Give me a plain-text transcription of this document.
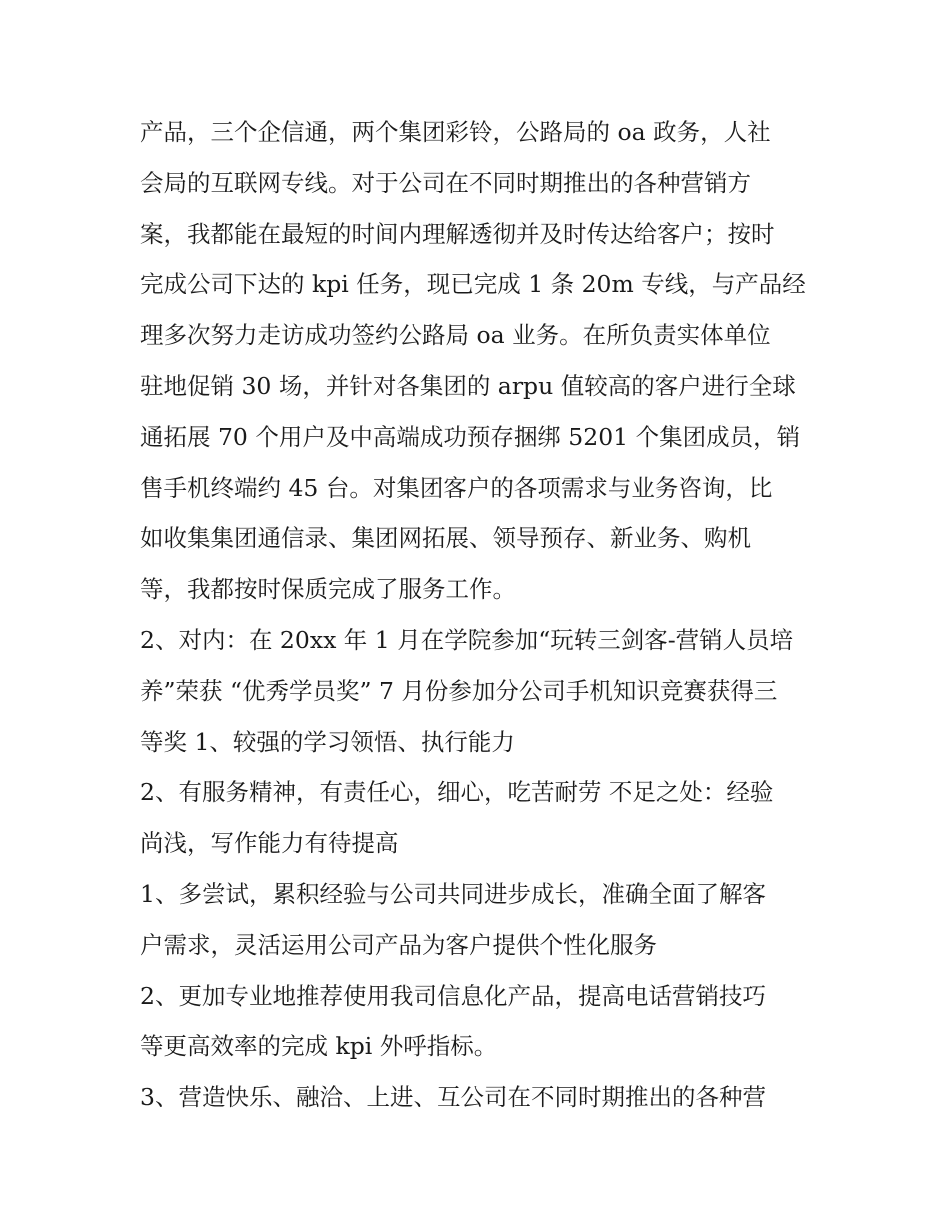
产品，三个企信通，两个集团彩铃，公路局的 oa 政务，人社
会局的互联网专线。对于公司在不同时期推出的各种营销方
案，我都能在最短的时间内理解透彻并及时传达给客户；按时
完成公司下达的 kpi 任务，现已完成 1 条 20m 专线，与产品经
理多次努力走访成功签约公路局 oa 业务。在所负责实体单位
驻地促销 30 场，并针对各集团的 arpu 值较高的客户进行全球
通拓展 70 个用户及中高端成功预存捆绑 5201 个集团成员，销
售手机终端约 45 台。对集团客户的各项需求与业务咨询，比
如收集集团通信录、集团网拓展、领导预存、新业务、购机
等，我都按时保质完成了服务工作。
2、对内：在 20xx 年 1 月在学院参加“玩转三剑客-营销人员培
养”荣获 “优秀学员奖” 7 月份参加分公司手机知识竞赛获得三
等奖 1、较强的学习领悟、执行能力
2、有服务精神，有责任心，细心，吃苦耐劳 不足之处：经验
尚浅，写作能力有待提高
1、多尝试，累积经验与公司共同进步成长，准确全面了解客
户需求，灵活运用公司产品为客户提供个性化服务
2、更加专业地推荐使用我司信息化产品，提高电话营销技巧
等更高效率的完成 kpi 外呼指标。
3、营造快乐、融洽、上进、互公司在不同时期推出的各种营
